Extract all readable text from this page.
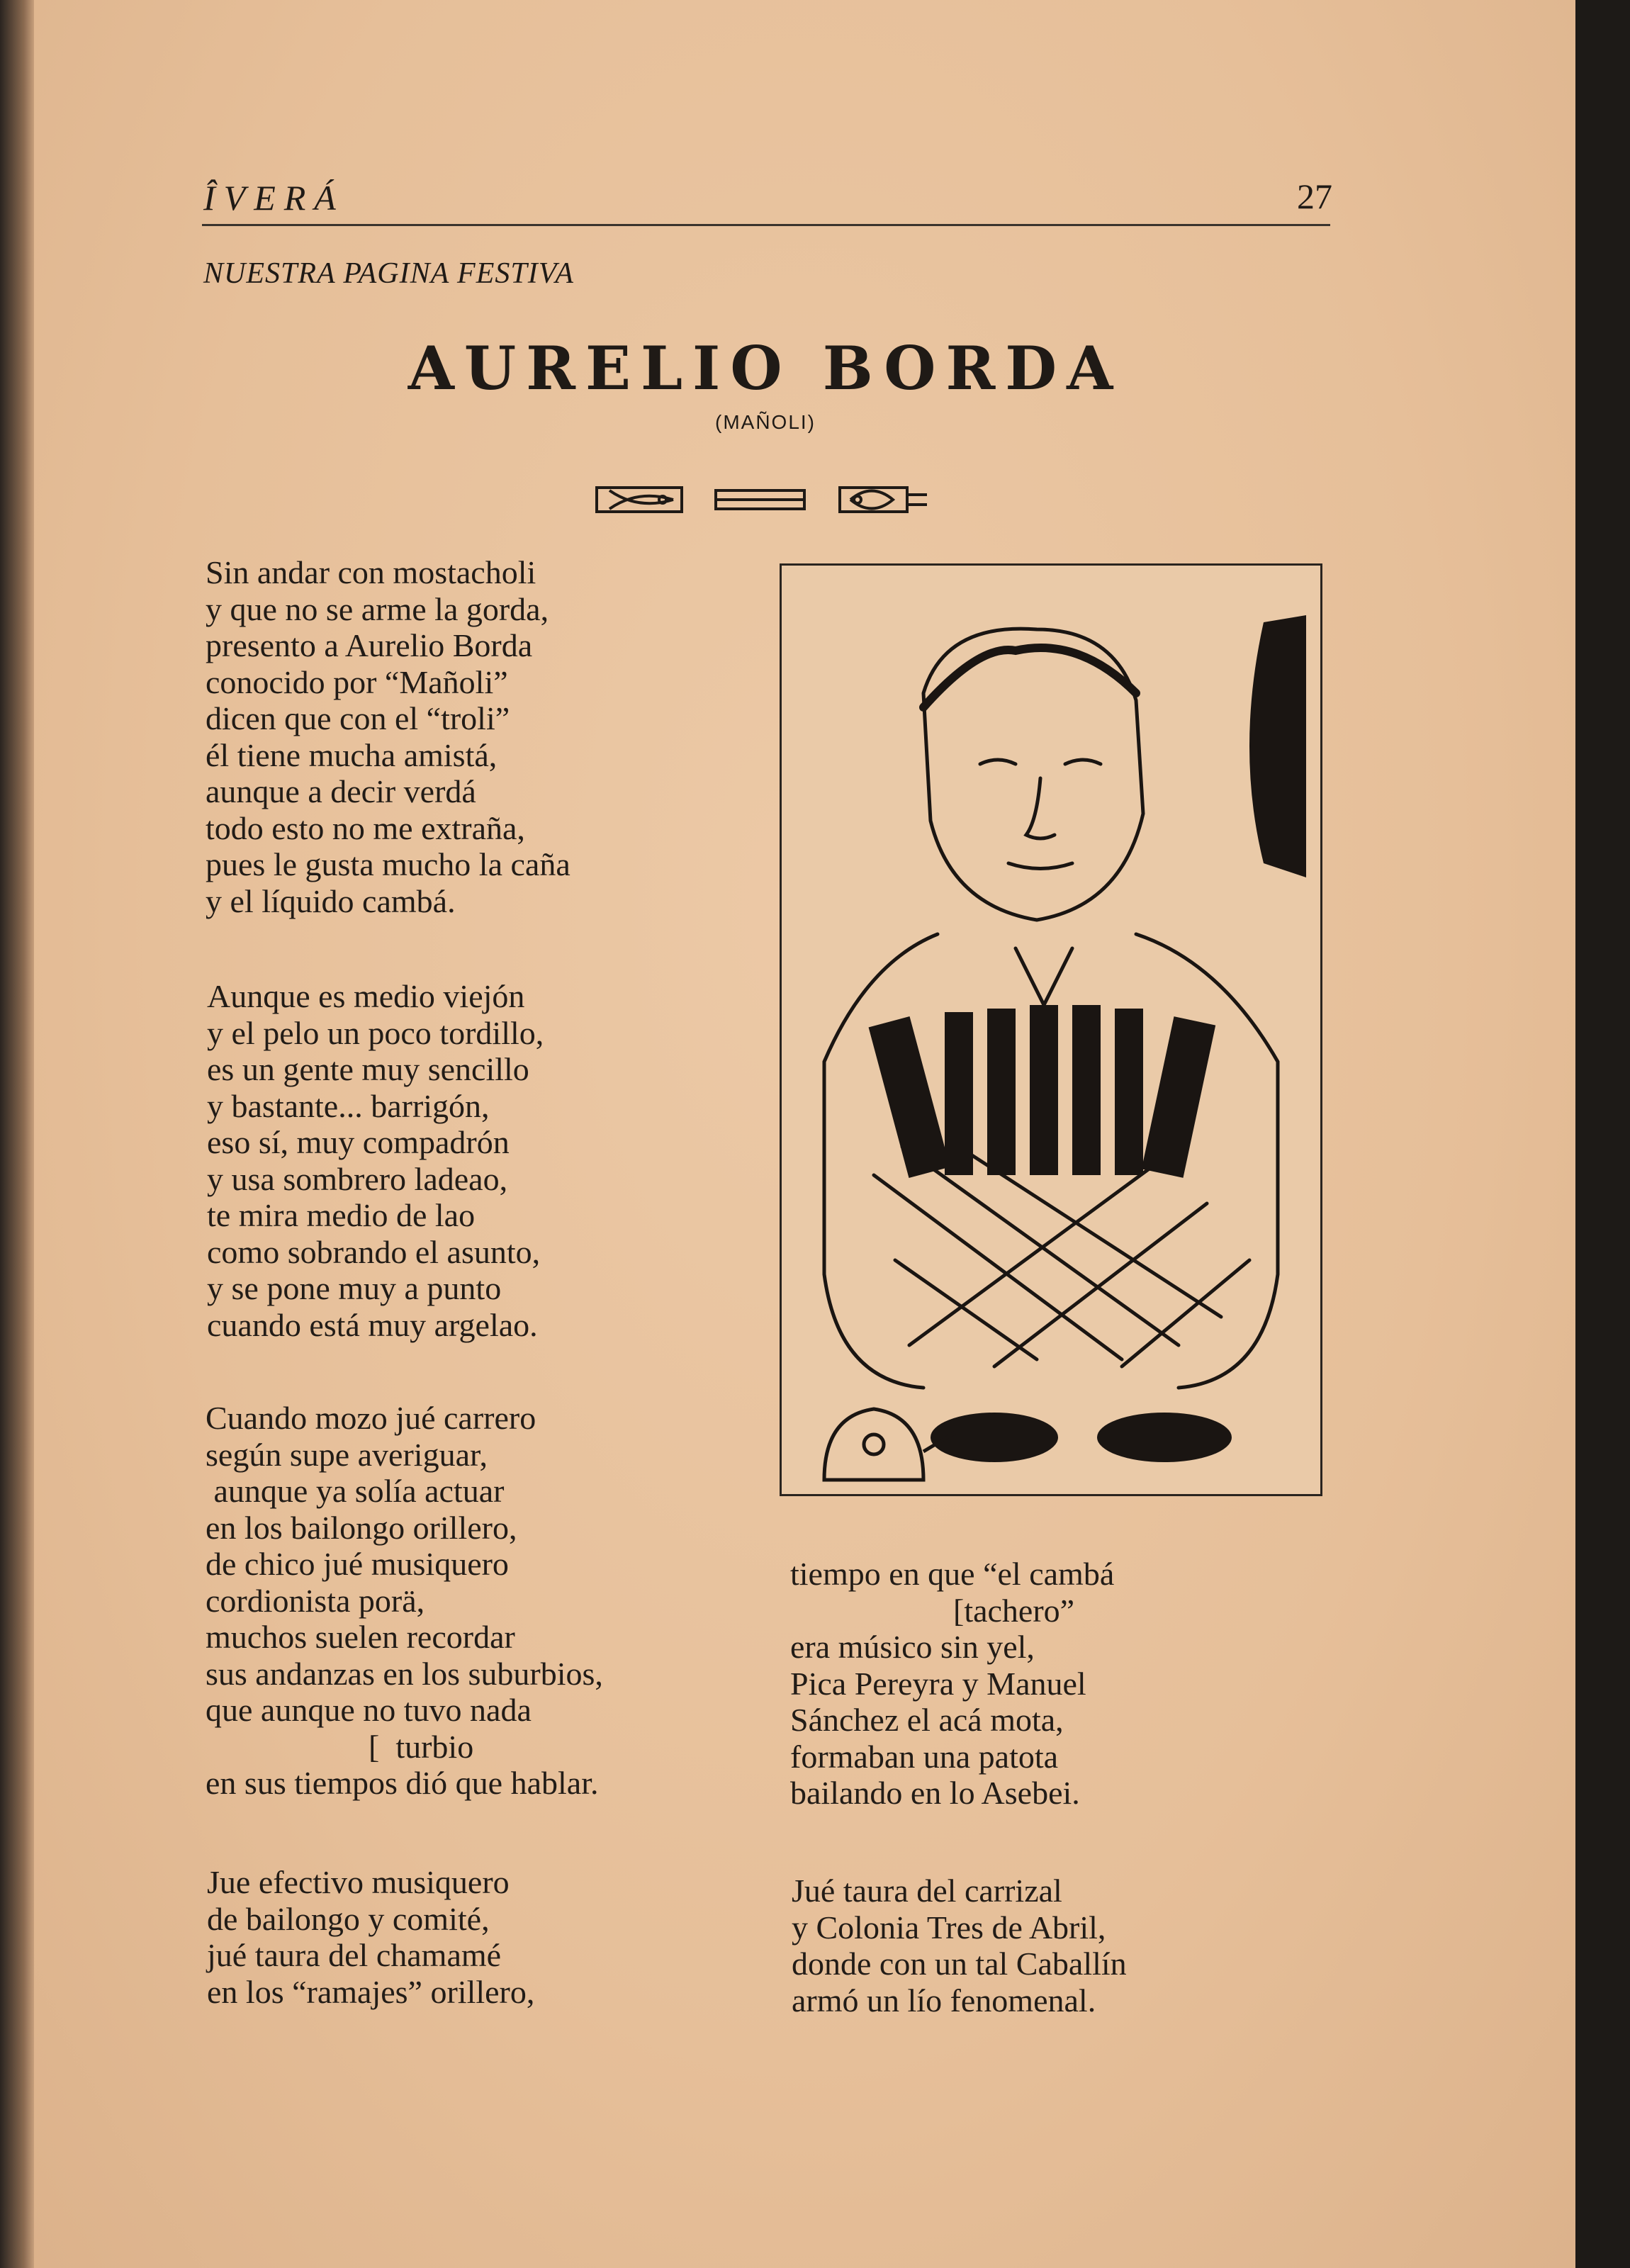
ÎVERÁ	27
NUESTRA PAGINA FESTIVA
AURELIO BORDA
(MAÑOLI)
Sin andar con mostacholi
y que no se arme la gorda,
presento a Aurelio Borda
conocido por “Mañoli”
dicen que con el “troli”
él tiene mucha amistá,
aunque a decir verdá
todo esto no me extraña,
pues le gusta mucho la caña
y el líquido cambá.
Aunque es medio viejón
y el pelo un poco tordillo,
es un gente muy sencillo
y bastante... barrigón,
eso sí, muy compadrón
y usa sombrero ladeao,
te mira medio de lao
como sobrando el asunto,
y se pone muy a punto
cuando está muy argelao.
Cuando mozo jué carrero
según supe averiguar,
aunque ya solía actuar
en los bailongo orillero,
de chico jué musiquero
cordionista porä,
muchos suelen recordar
sus andanzas en los suburbios,
que aunque no tuvo nada
[  turbio
en sus tiempos dió que hablar.
Jue efectivo musiquero
de bailongo y comité,
jué taura del chamamé
en los “ramajes” orillero,
tiempo en que “el cambá
[tachero”
era músico sin yel,
Pica Pereyra y Manuel
Sánchez el acá mota,
formaban una patota
bailando en lo Asebei.
Jué taura del carrizal
y Colonia Tres de Abril,
donde con un tal Caballín
armó un lío fenomenal.
